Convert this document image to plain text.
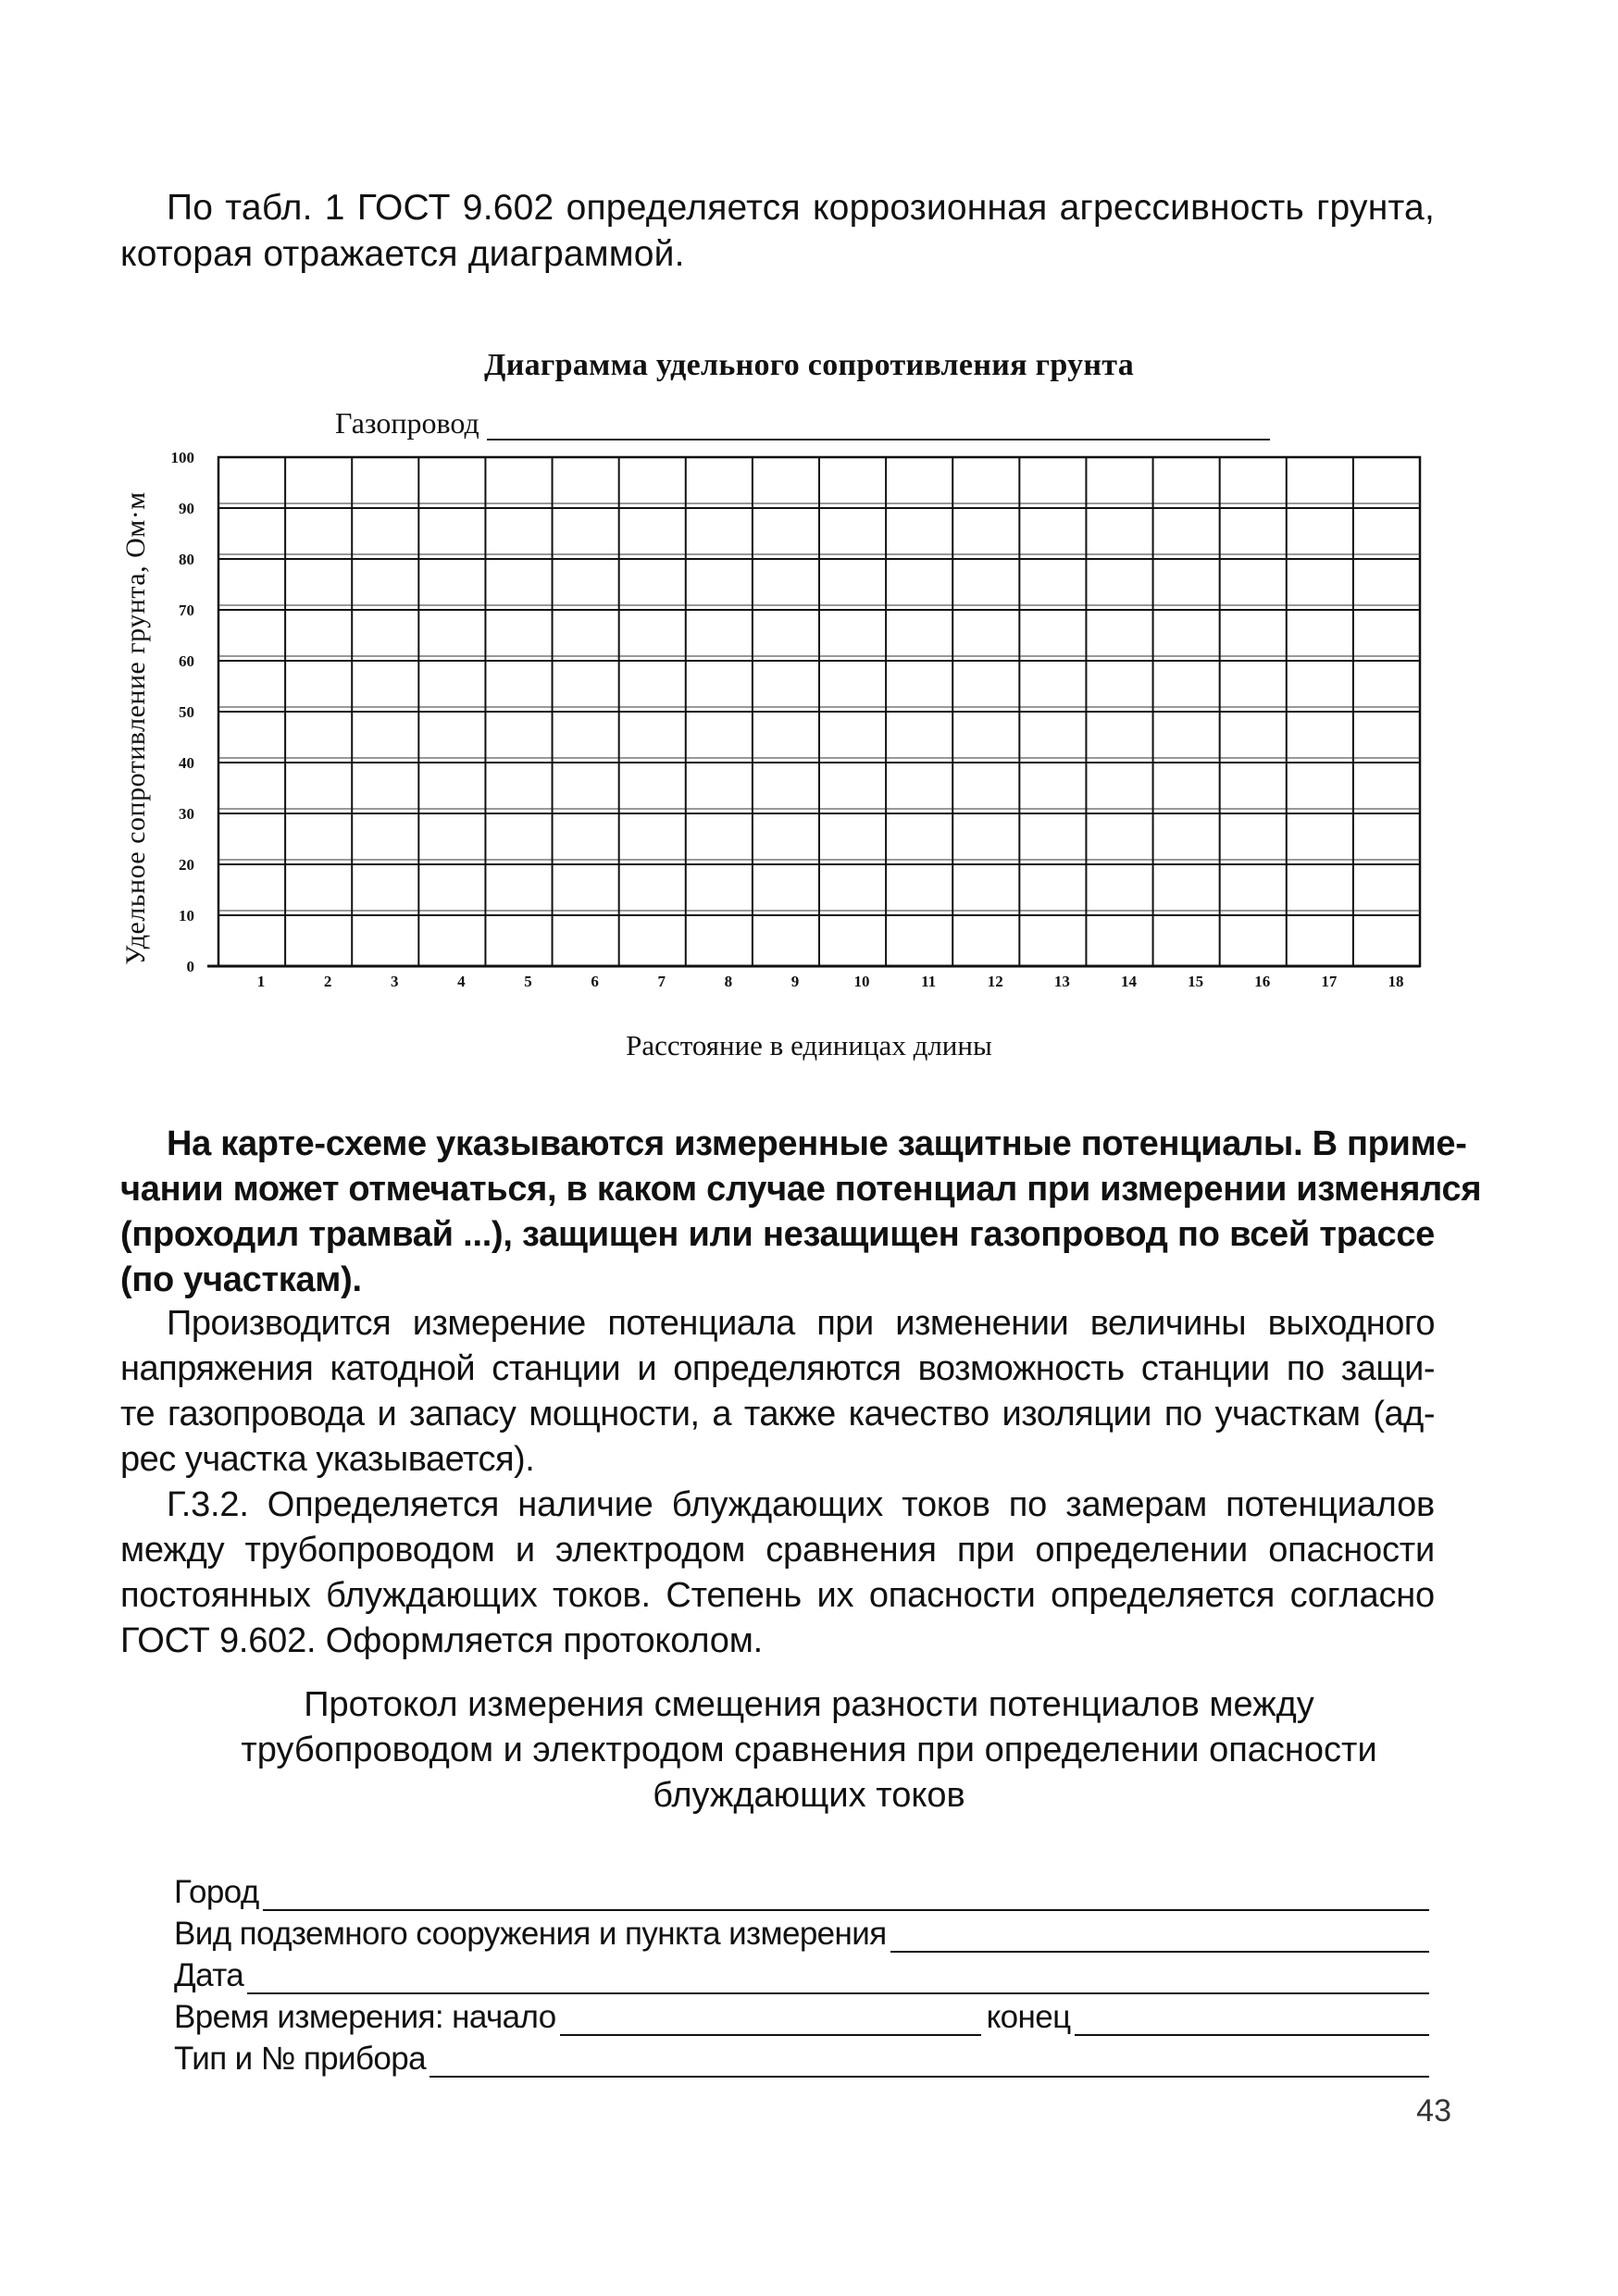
По табл. 1 ГОСТ 9.602 определяется коррозионная агрессивность грунта,
которая отражается диаграммой.
Диаграмма удельного сопротивления грунта
Газопровод
Удельное сопротивление грунта, Ом·м
0
10
20
30
40
50
60
70
80
90
100
1	2	3	4	5	6	7	8	9	10	11	12	13	14	15	16	17	18
Расстояние в единицах длины
На карте-схеме указываются измеренные защитные потенциалы. В приме-
чании может отмечаться, в каком случае потенциал при измерении изменялся
(проходил трамвай ...), защищен или незащищен газопровод по всей трассе
(по участкам).
Производится измерение потенциала при изменении величины выходного
напряжения катодной станции и определяются возможность станции по защи-
те газопровода и запасу мощности, а также качество изоляции по участкам (ад-
рес участка указывается).
Г.3.2. Определяется наличие блуждающих токов по замерам потенциалов
между трубопроводом и электродом сравнения при определении опасности
постоянных блуждающих токов. Степень их опасности определяется согласно
ГОСТ 9.602. Оформляется протоколом.
Протокол измерения смещения разности потенциалов между
трубопроводом и электродом сравнения при определении опасности
блуждающих токов
Город
Вид подземного сооружения и пункта измерения
Дата
Время измерения: начало	конец
Тип и № прибора
43
